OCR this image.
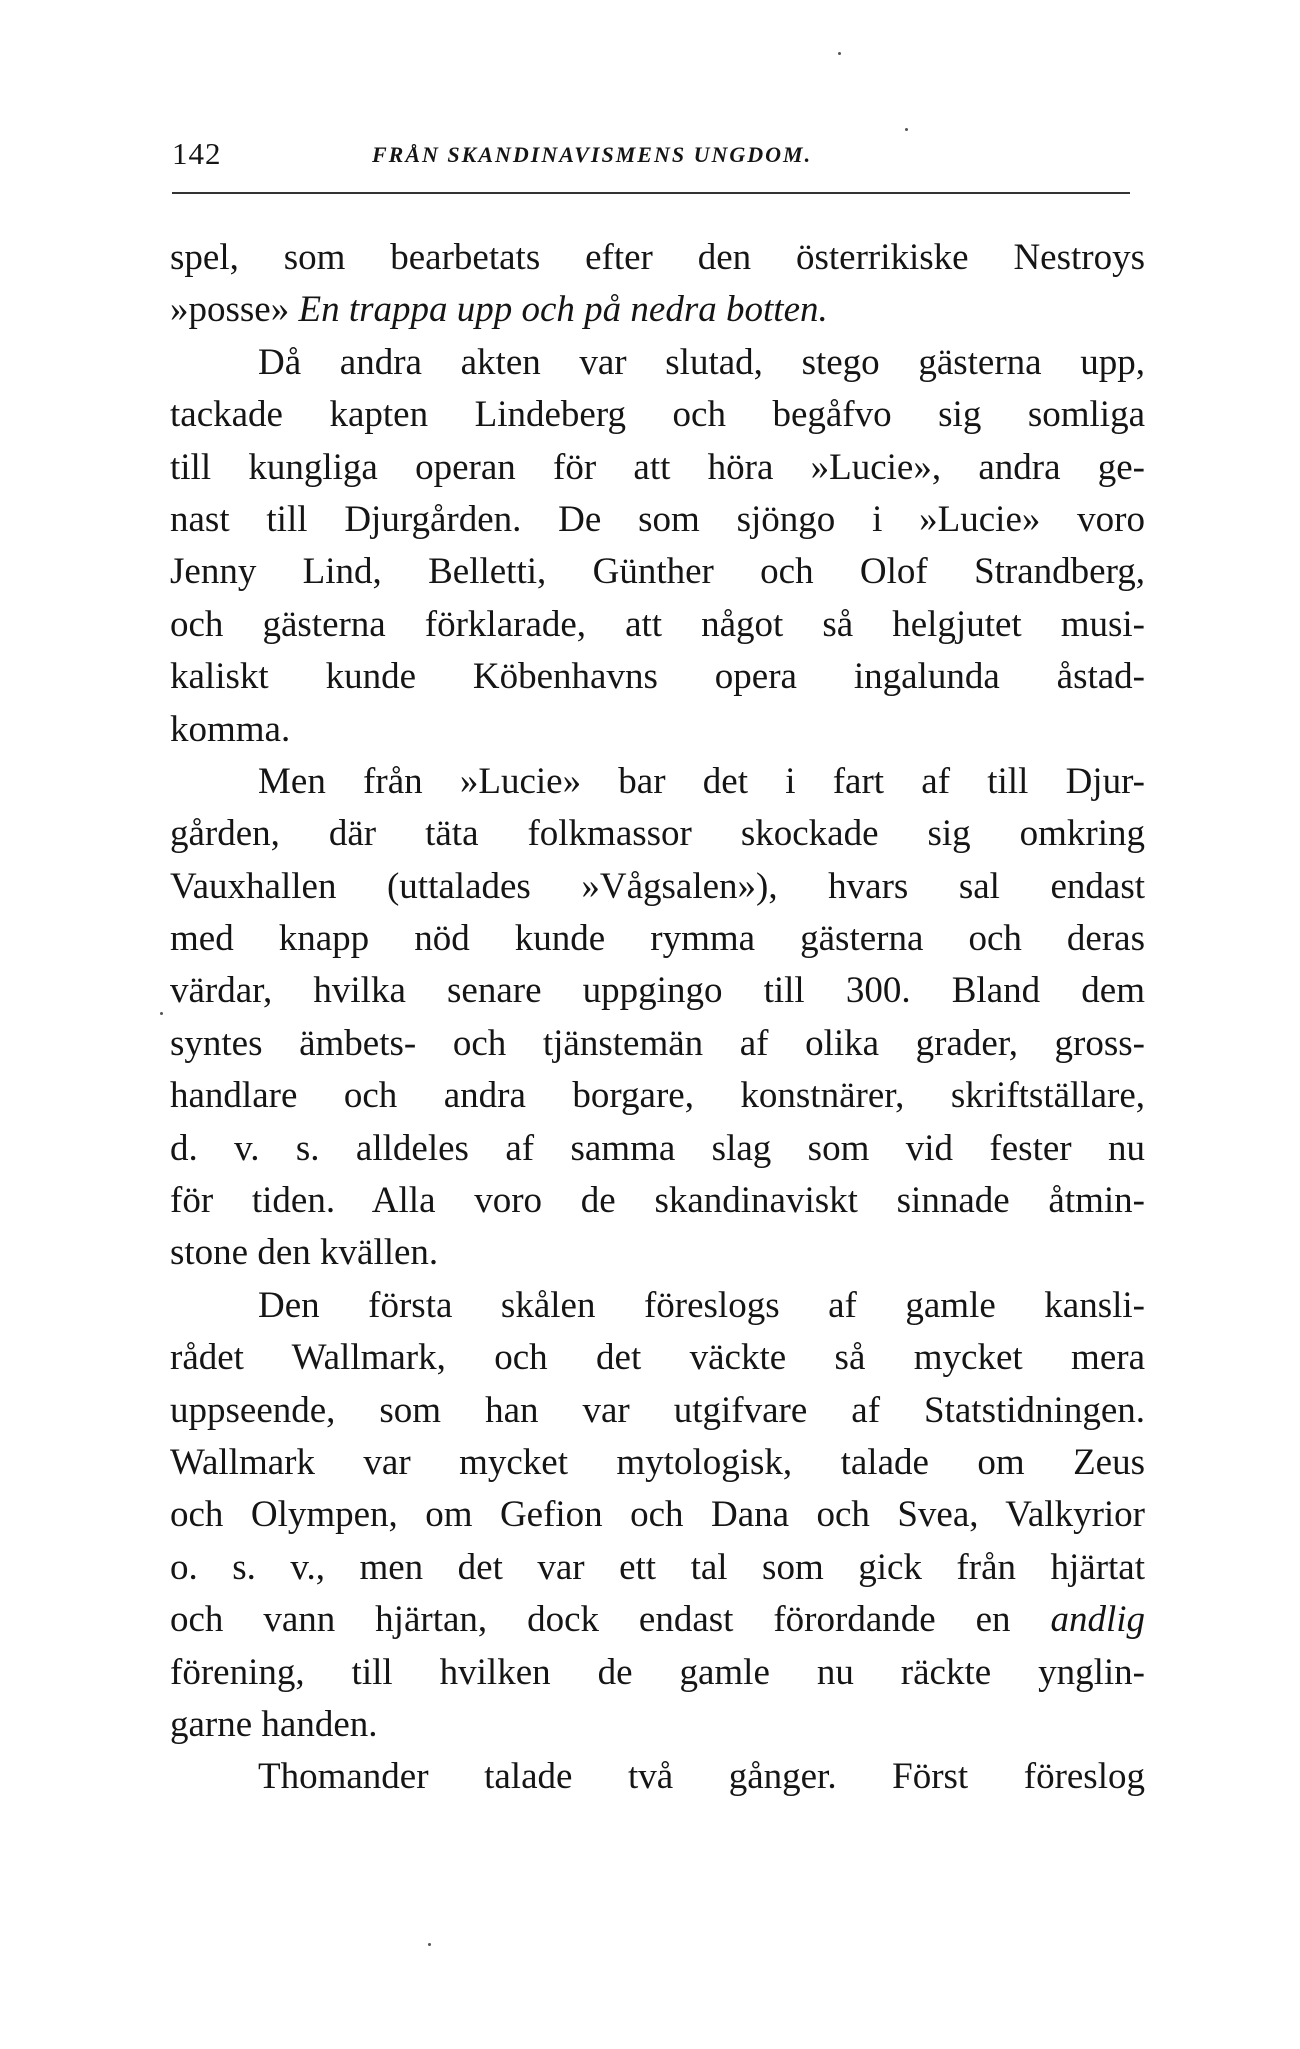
142	FRÅN SKANDINAVISMENS UNGDOM.
spel, som bearbetats efter den österrikiske Nestroys
»posse» En trappa upp och på nedra botten.
Då andra akten var slutad, stego gästerna upp,
tackade kapten Lindeberg och begåfvo sig somliga
till kungliga operan för att höra »Lucie», andra ge-
nast till Djurgården. De som sjöngo i »Lucie» voro
Jenny Lind, Belletti, Günther och Olof Strandberg,
och gästerna förklarade, att något så helgjutet musi-
kaliskt kunde Köbenhavns opera ingalunda åstad-
komma.
Men från »Lucie» bar det i fart af till Djur-
gården, där täta folkmassor skockade sig omkring
Vauxhallen (uttalades »Vågsalen»), hvars sal endast
med knapp nöd kunde rymma gästerna och deras
värdar, hvilka senare uppgingo till 300. Bland dem
syntes ämbets- och tjänstemän af olika grader, gross-
handlare och andra borgare, konstnärer, skriftställare,
d. v. s. alldeles af samma slag som vid fester nu
för tiden. Alla voro de skandinaviskt sinnade åtmin-
stone den kvällen.
Den första skålen föreslogs af gamle kansli-
rådet Wallmark, och det väckte så mycket mera
uppseende, som han var utgifvare af Statstidningen.
Wallmark var mycket mytologisk, talade om Zeus
och Olympen, om Gefion och Dana och Svea, Valkyrior
o. s. v., men det var ett tal som gick från hjärtat
och vann hjärtan, dock endast förordande en andlig
förening, till hvilken de gamle nu räckte ynglin-
garne handen.
Thomander talade två gånger. Först föreslog
